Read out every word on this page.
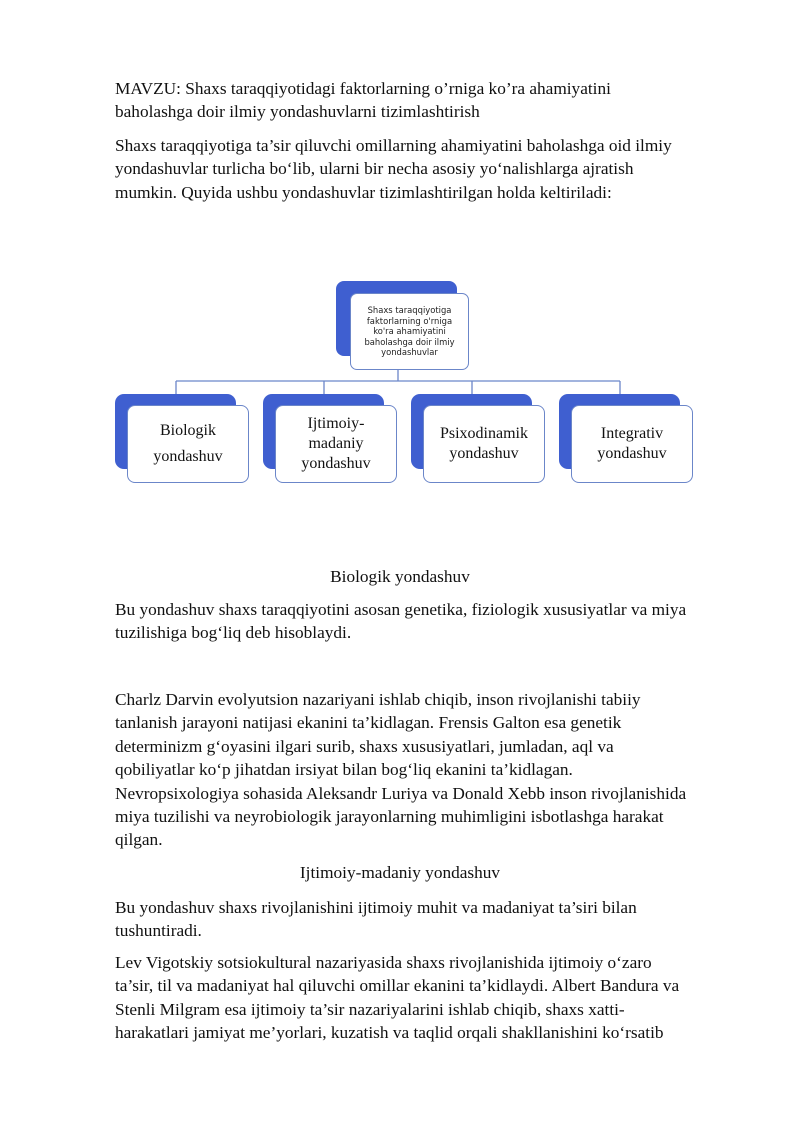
MAVZU: Shaxs taraqqiyotidagi faktorlarning o’rniga ko’ra ahamiyatini
baholashga doir ilmiy yondashuvlarni tizimlashtirish

Shaxs taraqqiyotiga ta’sir qiluvchi omillarning ahamiyatini baholashga oid ilmiy
yondashuvlar turlicha bo‘lib, ularni bir necha asosiy yo‘nalishlarga ajratish
mumkin. Quyida ushbu yondashuvlar tizimlashtirilgan holda keltiriladi:

Shaxs taraqqiyotiga faktorlarning o'rniga ko'ra ahamiyatini baholashga doir ilmiy yondashuvlar
Biologik yondashuv
Ijtimoiy-madaniy yondashuv
Psixodinamik yondashuv
Integrativ yondashuv

Biologik yondashuv

Bu yondashuv shaxs taraqqiyotini asosan genetika, fiziologik xususiyatlar va miya
tuzilishiga bog‘liq deb hisoblaydi.

Charlz Darvin evolyutsion nazariyani ishlab chiqib, inson rivojlanishi tabiiy
tanlanish jarayoni natijasi ekanini ta’kidlagan. Frensis Galton esa genetik
determinizm g‘oyasini ilgari surib, shaxs xususiyatlari, jumladan, aql va
qobiliyatlar ko‘p jihatdan irsiyat bilan bog‘liq ekanini ta’kidlagan.
Nevropsixologiya sohasida Aleksandr Luriya va Donald Xebb inson rivojlanishida
miya tuzilishi va neyrobiologik jarayonlarning muhimligini isbotlashga harakat
qilgan.

Ijtimoiy-madaniy yondashuv

Bu yondashuv shaxs rivojlanishini ijtimoiy muhit va madaniyat ta’siri bilan
tushuntiradi.

Lev Vigotskiy sotsiokultural nazariyasida shaxs rivojlanishida ijtimoiy o‘zaro
ta’sir, til va madaniyat hal qiluvchi omillar ekanini ta’kidlaydi. Albert Bandura va
Stenli Milgram esa ijtimoiy ta’sir nazariyalarini ishlab chiqib, shaxs xatti-
harakatlari jamiyat me’yorlari, kuzatish va taqlid orqali shakllanishini ko‘rsatib
